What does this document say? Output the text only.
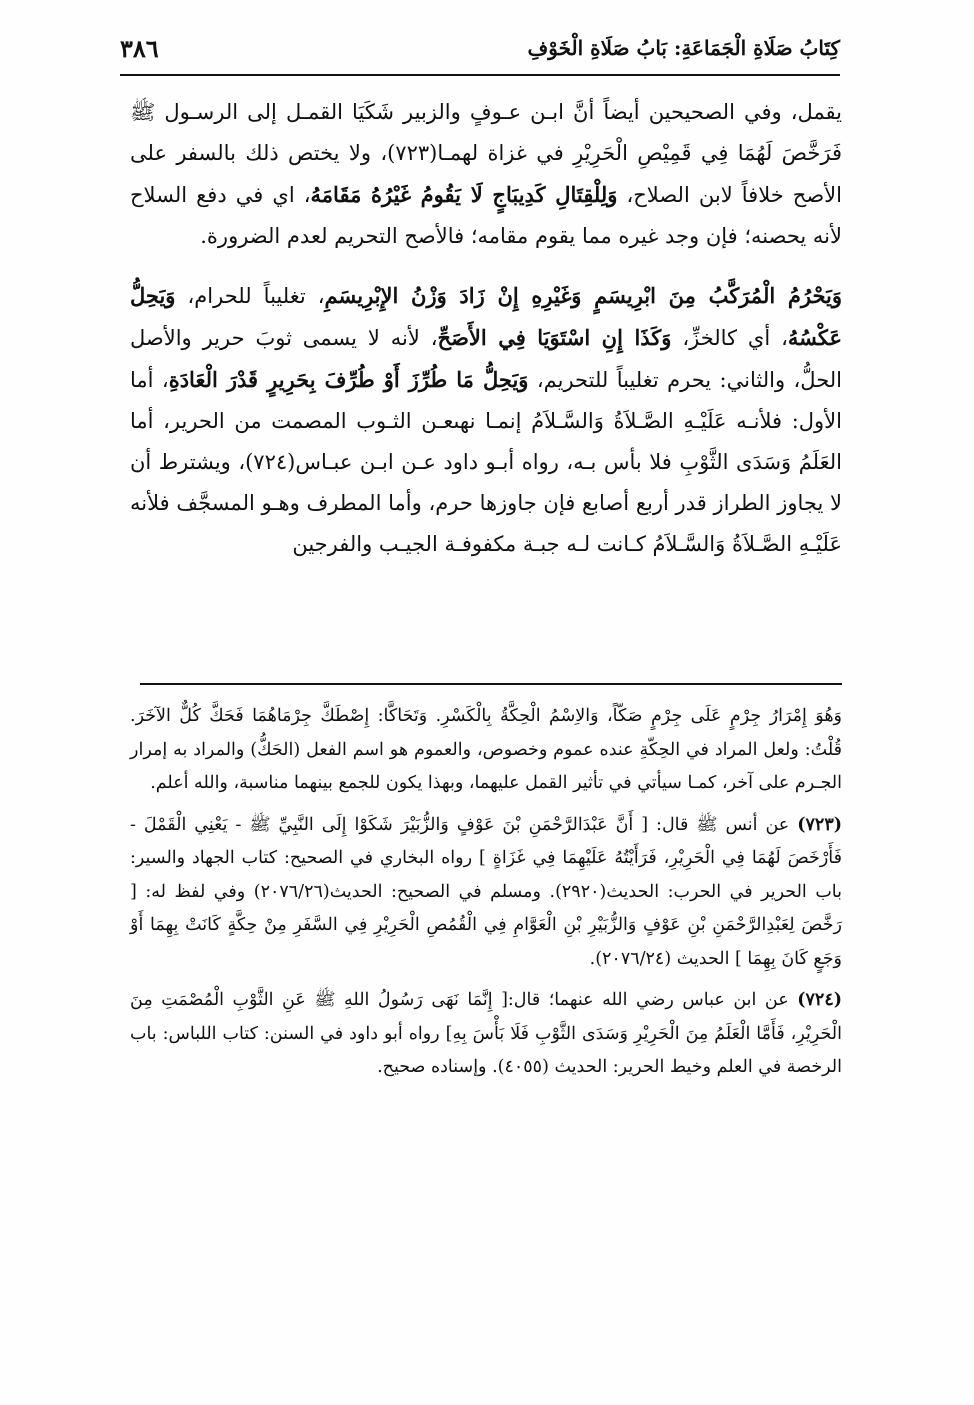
كِتَابُ صَلَاةِ الْجَمَاعَةِ: بَابُ صَلَاةِ الْخَوْفِ
٣٨٦

يقمل، وفي الصحيحين أيضاً أنَّ ابـن عـوفٍ والزبير شَكَيَا القمـل إلى الرسـول ﷺ فَرَخَّصَ لَهُمَا فِي قَمِيْصِ الْحَرِيْرِ في غزاة لهمـا(٧٢٣)، ولا يختص ذلك بالسفر على الأصح خلافاً لابن الصلاح، وَلِلْقِتَالِ كَدِيبَاجٍ لَا يَقُومُ غَيْرُهُ مَقَامَهُ، اي في دفع السلاح لأنه يحصنه؛ فإن وجد غيره مما يقوم مقامه؛ فالأصح التحريم لعدم الضرورة.

وَيَحْرُمُ الْمُرَكَّبُ مِنَ ابْرِيسَمٍ وَغَيْرِهِ إِنْ زَادَ وَزْنُ الإِبْرِيسَمِ، تغليباً للحرام، وَيَحِلُّ عَكْسُهُ، أي كالخزِّ، وَكَذَا إِنِ اسْتَوَيَا فِي الأَصَحِّ، لأنه لا يسمى ثوبَ حرير والأصل الحلُّ، والثاني: يحرم تغليباً للتحريم، وَيَحِلُّ مَا طُرِّزَ أَوْ طُرِّفَ بِحَرِيرٍ قَدْرَ الْعَادَةِ، أما الأول: فلأنـه عَلَيْـهِ الصَّـلاَةُ وَالسَّـلاَمُ إنمـا نهىعـن الثـوب المصمت من الحرير، أما العَلَمُ وَسَدَى الثَّوْبِ فلا بأس بـه، رواه أبـو داود عـن ابـن عبـاس(٧٢٤)، ويشترط أن لا يجاوز الطراز قدر أربع أصابع فإن جاوزها حرم، وأما المطرف وهـو المسجَّف فلأنه عَلَيْـهِ الصَّـلاَةُ وَالسَّـلاَمُ كـانت لـه جبـة مكفوفـة الجيـب والفرجين

وَهُوَ إِمْرَارُ جِرْمٍ عَلَى جِرْمٍ صَكّاً، وَالاِسْمُ الْحِكَّةُ بِالْكَسْرِ. وَتَحَاكَّا: إِصْطَكَّ جِرْمَاهُمَا فَحَكَّ كُلٌّ الآخَرَ. قُلْتُ: ولعل المراد في الحِكّةِ عنده عموم وخصوص، والعموم هو اسم الفعل (الحَكُّ) والمراد به إمرار الجـرم على آخر، كمـا سيأتي في تأثير القمل عليهما، وبهذا يكون للجمع بينهما مناسبة، والله أعلم.

(٧٢٣) عن أنس ﷺ قال: [ أَنَّ عَبْدَالرَّحْمَنِ بْنَ عَوْفٍ وَالزُّبَيْرَ شَكَوْا إِلَى النَّبِيِّ ﷺ - يَعْنِي الْقَمْلَ - فَأَرْخَصَ لَهُمَا فِي الْحَرِيْرِ، فَرَأَيْتُهُ عَلَيْهِمَا فِي غَزَاةٍ ] رواه البخاري في الصحيح: كتاب الجهاد والسير: باب الحرير في الحرب: الحديث(٢٩٢٠). ومسلم في الصحيح: الحديث(٢٠٧٦/٢٦) وفي لفظ له: [ رَخَّصَ لِعَبْدِالرَّحْمَنِ بْنِ عَوْفٍ وَالزُّبَيْرِ بْنِ الْعَوَّامِ فِي الْقُمُصِ الْحَرِيْرِ فِي السَّفَرِ مِنْ حِكَّةٍ كَانَتْ بِهِمَا أَوْ وَجَعٍ كَانَ بِهِمَا ] الحديث (٢٠٧٦/٢٤).

(٧٢٤) عن ابن عباس رضي الله عنهما؛ قال:[ إِنَّمَا نَهَى رَسُولُ اللهِ ﷺ عَنِ الثَّوْبِ الْمُصْمَتِ مِنَ الْحَرِيْرِ، فَأَمَّا الْعَلَمُ مِنَ الْحَرِيْرِ وَسَدَى الثَّوْبِ فَلَا بَأْسَ بِهِ] رواه أبو داود في السنن: كتاب اللباس: باب الرخصة في العلم وخيط الحرير: الحديث (٤٠٥٥). وإسناده صحيح.
